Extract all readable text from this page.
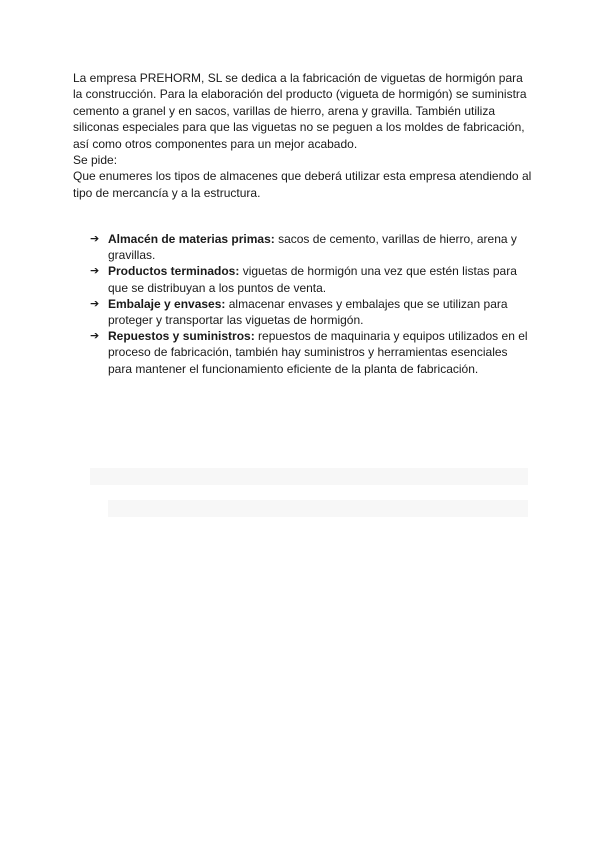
La empresa PREHORM, SL se dedica a la fabricación de viguetas de hormigón para la construcción. Para la elaboración del producto (vigueta de hormigón) se suministra cemento a granel y en sacos, varillas de hierro, arena y gravilla. También utiliza siliconas especiales para que las viguetas no se peguen a los moldes de fabricación, así como otros componentes para un mejor acabado.

Se pide:

Que enumeres los tipos de almacenes que deberá utilizar esta empresa atendiendo al tipo de mercancía y a la estructura.

➔ Almacén de materias primas: sacos de cemento, varillas de hierro, arena y gravillas.
➔ Productos terminados: viguetas de hormigón una vez que estén listas para que se distribuyan a los puntos de venta.
➔ Embalaje y envases: almacenar envases y embalajes que se utilizan para proteger y transportar las viguetas de hormigón.
➔ Repuestos y suministros: repuestos de maquinaria y equipos utilizados en el proceso de fabricación, también hay suministros y herramientas esenciales para mantener el funcionamiento eficiente de la planta de fabricación.
